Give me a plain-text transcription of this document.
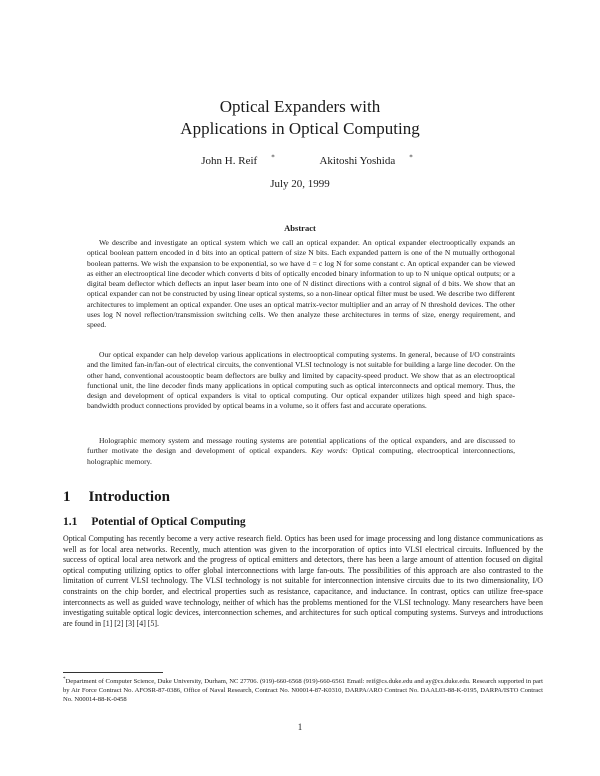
Optical Expanders with
Applications in Optical Computing
John H. Reif *	Akitoshi Yoshida *
July 20, 1999
Abstract

We describe and investigate an optical system which we call an optical expander. An optical expander electrooptically expands an optical boolean pattern encoded in d bits into an optical pattern of size N bits. Each expanded pattern is one of the N mutually orthogonal boolean patterns. We wish the expansion to be exponential, so we have d = c log N for some constant c. An optical expander can be viewed as either an electrooptical line decoder which converts d bits of optically encoded binary information to up to N unique optical outputs; or a digital beam deflector which deflects an input laser beam into one of N distinct directions with a control signal of d bits. We show that an optical expander can not be constructed by using linear optical systems, so a non-linear optical filter must be used. We describe two different architectures to implement an optical expander. One uses an optical matrix-vector multiplier and an array of N threshold devices. The other uses log N novel reflection/transmission switching cells. We then analyze these architectures in terms of size, energy requirement, and speed.

Our optical expander can help develop various applications in electrooptical computing systems. In general, because of I/O constraints and the limited fan-in/fan-out of electrical circuits, the conventional VLSI technology is not suitable for building a large line decoder. On the other hand, conventional acoustooptic beam deflectors are bulky and limited by capacity-speed product. We show that as an electrooptical functional unit, the line decoder finds many applications in optical computing such as optical interconnects and optical memory. Thus, the design and development of optical expanders is vital to optical computing. Our optical expander utilizes high speed and high space-bandwidth product connections provided by optical beams in a volume, so it offers fast and accurate operations.

Holographic memory system and message routing systems are potential applications of the optical expanders, and are discussed to further motivate the design and development of optical expanders. Key words: Optical computing, electrooptical interconnections, holographic memory.

1 Introduction
1.1 Potential of Optical Computing

Optical Computing has recently become a very active research field. Optics has been used for image processing and long distance communications as well as for local area networks. Recently, much attention was given to the incorporation of optics into VLSI electrical circuits. Influenced by the success of optical local area network and the progress of optical emitters and detectors, there has been a large amount of attention focused on digital optical computing utilizing optics to offer global interconnections with large fan-outs. The possibilities of this approach are also contrasted to the limitation of current VLSI technology. The VLSI technology is not suitable for interconnection intensive circuits due to its two dimensionality, I/O constraints on the chip border, and electrical properties such as resistance, capacitance, and inductance. In contrast, optics can utilize free-space interconnects as well as guided wave technology, neither of which has the problems mentioned for the VLSI technology. Many researchers have been investigating suitable optical logic devices, interconnection schemes, and architectures for such optical computing systems. Surveys and introductions are found in [1] [2] [3] [4] [5].

*Department of Computer Science, Duke University, Durham, NC 27706. (919)-660-6568 (919)-660-6561 Email: reif@cs.duke.edu and ay@cs.duke.edu. Research supported in part by Air Force Contract No. AFOSR-87-0386, Office of Naval Research, Contract No. N00014-87-K0310, DARPA/ARO Contract No. DAAL03-88-K-0195, DARPA/ISTO Contract No. N00014-88-K-0458

1
